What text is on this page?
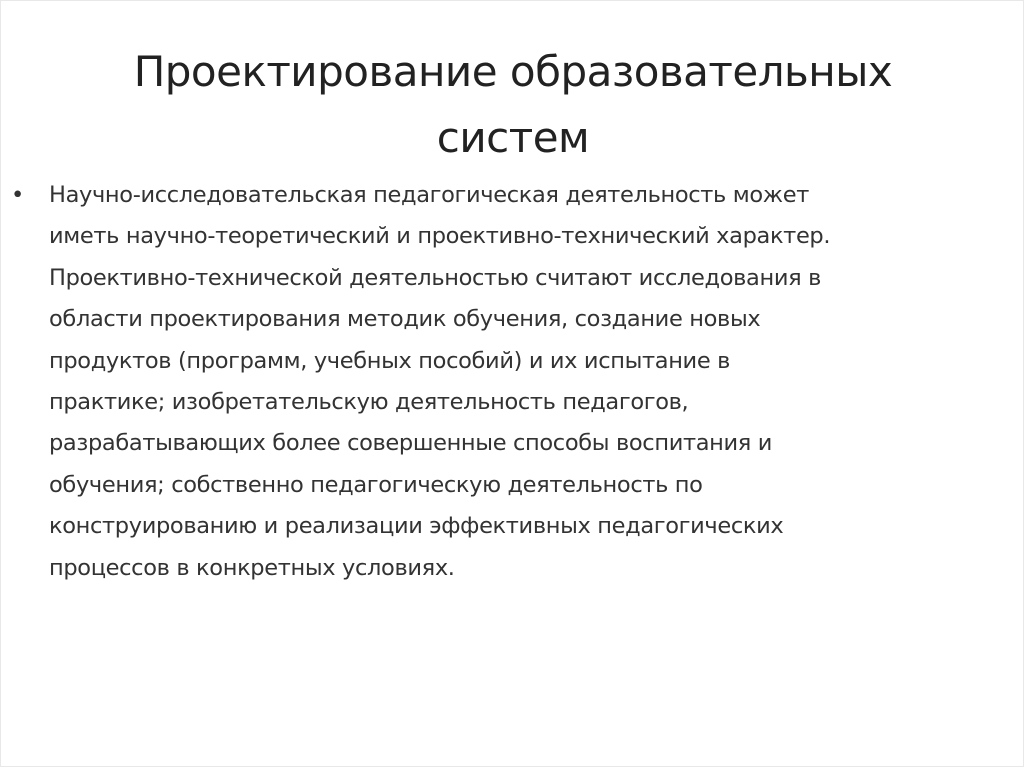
Проектирование образовательных
систем
• Научно-исследовательская педагогическая деятельность может
иметь научно-теоретический и проективно-технический характер.
Проективно-технической деятельностью считают исследования в
области проектирования методик обучения, создание новых
продуктов (программ, учебных пособий) и их испытание в
практике; изобретательскую деятельность педагогов,
разрабатывающих более совершенные способы воспитания и
обучения; собственно педагогическую деятельность по
конструированию и реализации эффективных педагогических
процессов в конкретных условиях.
